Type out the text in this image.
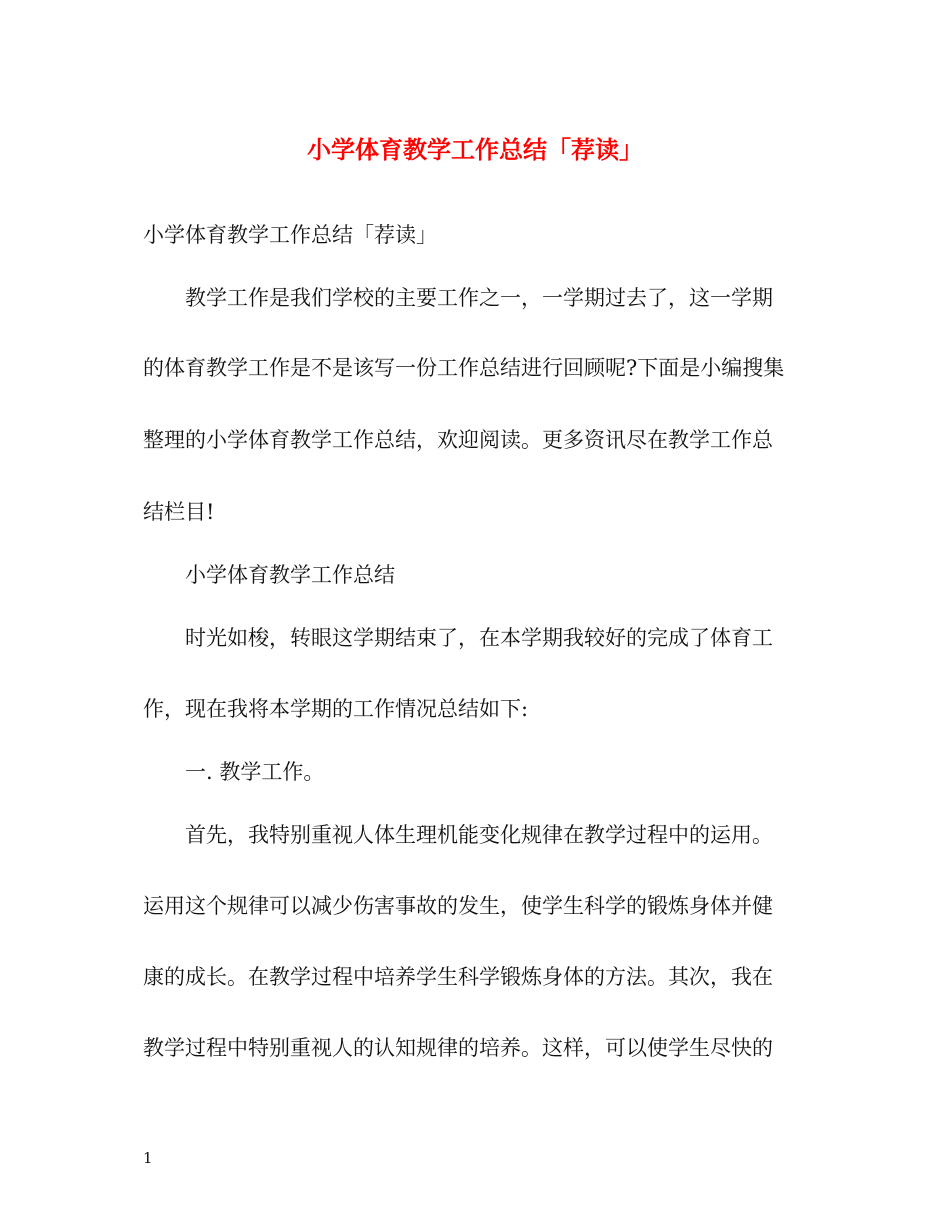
小学体育教学工作总结「荐读」
小学体育教学工作总结「荐读」
教学工作是我们学校的主要工作之一，一学期过去了，这一学期
的体育教学工作是不是该写一份工作总结进行回顾呢?下面是小编搜集
整理的小学体育教学工作总结，欢迎阅读。更多资讯尽在教学工作总
结栏目!
小学体育教学工作总结
时光如梭，转眼这学期结束了，在本学期我较好的完成了体育工
作，现在我将本学期的工作情况总结如下:
一. 教学工作。
首先，我特别重视人体生理机能变化规律在教学过程中的运用。
运用这个规律可以减少伤害事故的发生，使学生科学的锻炼身体并健
康的成长。在教学过程中培养学生科学锻炼身体的方法。其次，我在
教学过程中特别重视人的认知规律的培养。这样，可以使学生尽快的
1
